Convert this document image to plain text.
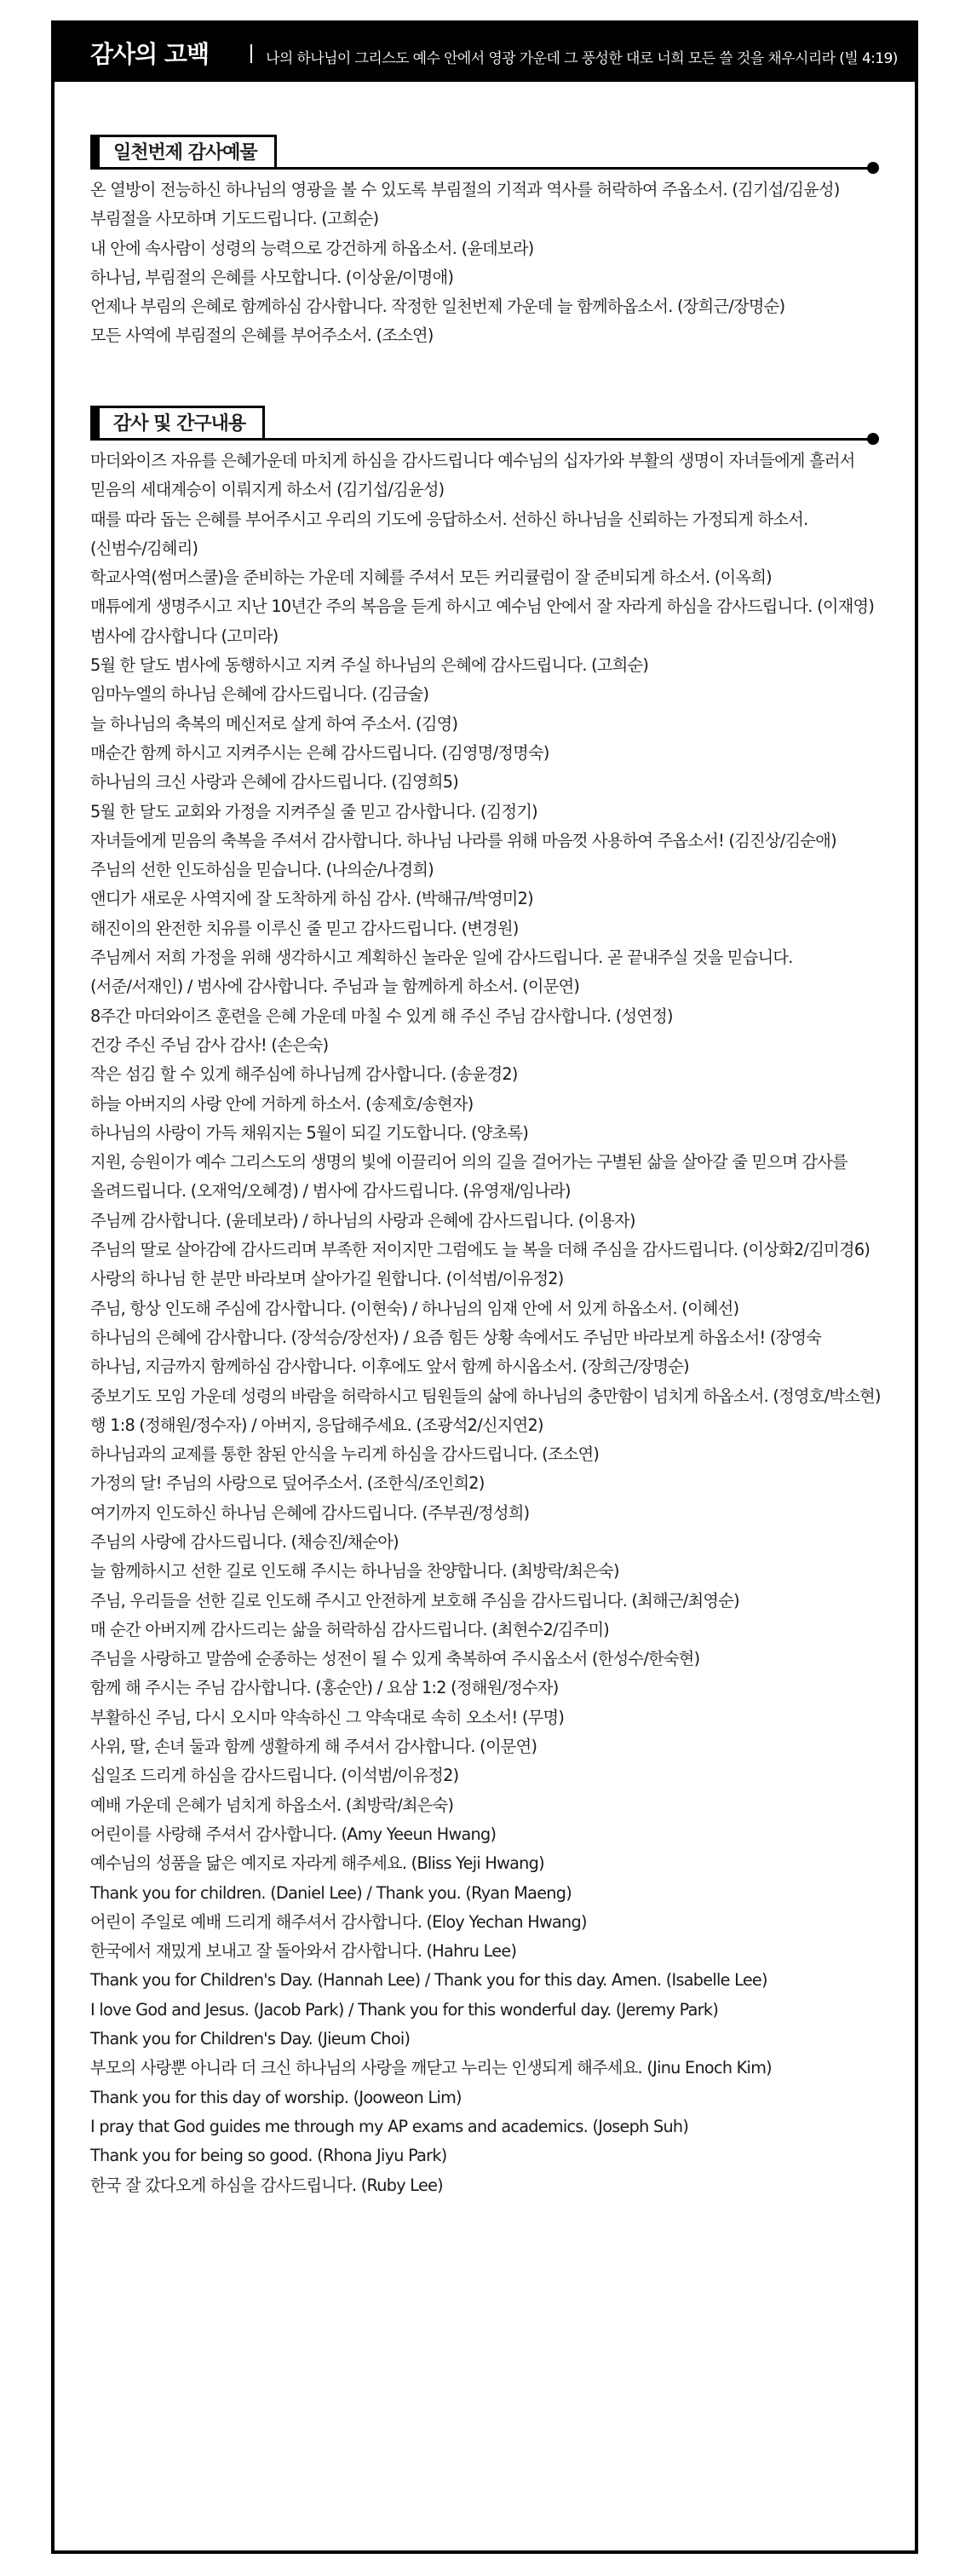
감사의 고백	나의 하나님이 그리스도 예수 안에서 영광 가운데 그 풍성한 대로 너희 모든 쓸 것을 채우시리라 (빌 4:19)
일천번제 감사예물

온 열방이 전능하신 하나님의 영광을 볼 수 있도록 부림절의 기적과 역사를 허락하여 주옵소서. (김기섭/김윤성)

부림절을 사모하며 기도드립니다. (고희순)

내 안에 속사람이 성령의 능력으로 강건하게 하옵소서. (윤데보라)

하나님, 부림절의 은혜를 사모합니다. (이상윤/이명애)

언제나 부림의 은혜로 함께하심 감사합니다. 작정한 일천번제 가운데 늘 함께하옵소서. (장희근/장명순)

모든 사역에 부림절의 은혜를 부어주소서. (조소연)

감사 및 간구내용

마더와이즈 자유를 은혜가운데 마치게 하심을 감사드립니다 예수님의 십자가와 부활의 생명이 자녀들에게 흘러서

믿음의 세대계승이 이뤄지게 하소서 (김기섭/김윤성)

때를 따라 돕는 은혜를 부어주시고 우리의 기도에 응답하소서. 선하신 하나님을 신뢰하는 가정되게 하소서.

(신범수/김혜리)

학교사역(썸머스쿨)을 준비하는 가운데 지혜를 주셔서 모든 커리큘럼이 잘 준비되게 하소서. (이옥희)

매튜에게 생명주시고 지난 10년간 주의 복음을 듣게 하시고 예수님 안에서 잘 자라게 하심을 감사드립니다. (이재영)

범사에 감사합니다 (고미라)

5월 한 달도 범사에 동행하시고 지켜 주실 하나님의 은혜에 감사드립니다. (고희순)

임마누엘의 하나님 은혜에 감사드립니다. (김금술)

늘 하나님의 축복의 메신저로 살게 하여 주소서. (김영)

매순간 함께 하시고 지켜주시는 은혜 감사드립니다. (김영명/정명숙)

하나님의 크신 사랑과 은혜에 감사드립니다. (김영희5)

5월 한 달도 교회와 가정을 지켜주실 줄 믿고 감사합니다. (김정기)

자녀들에게 믿음의 축복을 주셔서 감사합니다. 하나님 나라를 위해 마음껏 사용하여 주옵소서! (김진상/김순애)

주님의 선한 인도하심을 믿습니다. (나의순/나경희)

앤디가 새로운 사역지에 잘 도착하게 하심 감사. (박해규/박영미2)

해진이의 완전한 치유를 이루신 줄 믿고 감사드립니다. (변경원)

주님께서 저희 가정을 위해 생각하시고 계획하신 놀라운 일에 감사드립니다. 곧 끝내주실 것을 믿습니다.

(서준/서재인) / 범사에 감사합니다. 주님과 늘 함께하게 하소서. (이문연)

8주간 마더와이즈 훈련을 은혜 가운데 마칠 수 있게 해 주신 주님 감사합니다. (성연정)

건강 주신 주님 감사 감사! (손은숙)

작은 섬김 할 수 있게 해주심에 하나님께 감사합니다. (송윤경2)

하늘 아버지의 사랑 안에 거하게 하소서. (송제호/송현자)

하나님의 사랑이 가득 채워지는 5월이 되길 기도합니다. (양초록)

지원, 승원이가 예수 그리스도의 생명의 빛에 이끌리어 의의 길을 걸어가는 구별된 삶을 살아갈 줄 믿으며 감사를

올려드립니다. (오재억/오혜경) / 범사에 감사드립니다. (유영재/임나라)

주님께 감사합니다. (윤데보라) / 하나님의 사랑과 은혜에 감사드립니다. (이용자)

주님의 딸로 살아감에 감사드리며 부족한 저이지만 그럼에도 늘 복을 더해 주심을 감사드립니다. (이상화2/김미경6)

사랑의 하나님 한 분만 바라보며 살아가길 원합니다. (이석범/이유정2)

주님, 항상 인도해 주심에 감사합니다. (이현숙) / 하나님의 임재 안에 서 있게 하옵소서. (이혜선)

하나님의 은혜에 감사합니다. (장석승/장선자) / 요즘 힘든 상황 속에서도 주님만 바라보게 하옵소서! (장영숙

하나님, 지금까지 함께하심 감사합니다. 이후에도 앞서 함께 하시옵소서. (장희근/장명순)

중보기도 모임 가운데 성령의 바람을 허락하시고 팀원들의 삶에 하나님의 충만함이 넘치게 하옵소서. (정영호/박소현)

행 1:8 (정해원/정수자) / 아버지, 응답해주세요. (조광석2/신지연2)

하나님과의 교제를 통한 참된 안식을 누리게 하심을 감사드립니다. (조소연)

가정의 달! 주님의 사랑으로 덮어주소서. (조한식/조인희2)

여기까지 인도하신 하나님 은혜에 감사드립니다. (주부권/정성희)

주님의 사랑에 감사드립니다. (채승진/채순아)

늘 함께하시고 선한 길로 인도해 주시는 하나님을 찬양합니다. (최방락/최은숙)

주님, 우리들을 선한 길로 인도해 주시고 안전하게 보호해 주심을 감사드립니다. (최해근/최영순)

매 순간 아버지께 감사드리는 삶을 허락하심 감사드립니다. (최현수2/김주미)

주님을 사랑하고 말씀에 순종하는 성전이 될 수 있게 축복하여 주시옵소서 (한성수/한숙현)

함께 해 주시는 주님 감사합니다. (홍순안) / 요삼 1:2 (정해원/정수자)

부활하신 주님, 다시 오시마 약속하신 그 약속대로 속히 오소서! (무명)

사위, 딸, 손녀 둘과 함께 생활하게 해 주셔서 감사합니다. (이문연)

십일조 드리게 하심을 감사드립니다. (이석범/이유정2)

예배 가운데 은혜가 넘치게 하옵소서. (최방락/최은숙)

어린이를 사랑해 주셔서 감사합니다. (Amy Yeeun Hwang)

예수님의 성품을 닮은 예지로 자라게 해주세요. (Bliss Yeji Hwang)

Thank you for children. (Daniel Lee) / Thank you. (Ryan Maeng)

어린이 주일로 예배 드리게 해주셔서 감사합니다. (Eloy Yechan Hwang)

한국에서 재밌게 보내고 잘 돌아와서 감사합니다. (Hahru Lee)

Thank you for Children's Day. (Hannah Lee) / Thank you for this day. Amen. (Isabelle Lee)

I love God and Jesus. (Jacob Park) / Thank you for this wonderful day. (Jeremy Park)

Thank you for Children's Day. (Jieum Choi)

부모의 사랑뿐 아니라 더 크신 하나님의 사랑을 깨닫고 누리는 인생되게 해주세요. (Jinu Enoch Kim)

Thank you for this day of worship. (Jooweon Lim)

I pray that God guides me through my AP exams and academics. (Joseph Suh)

Thank you for being so good. (Rhona Jiyu Park)

한국 잘 갔다오게 하심을 감사드립니다. (Ruby Lee)
